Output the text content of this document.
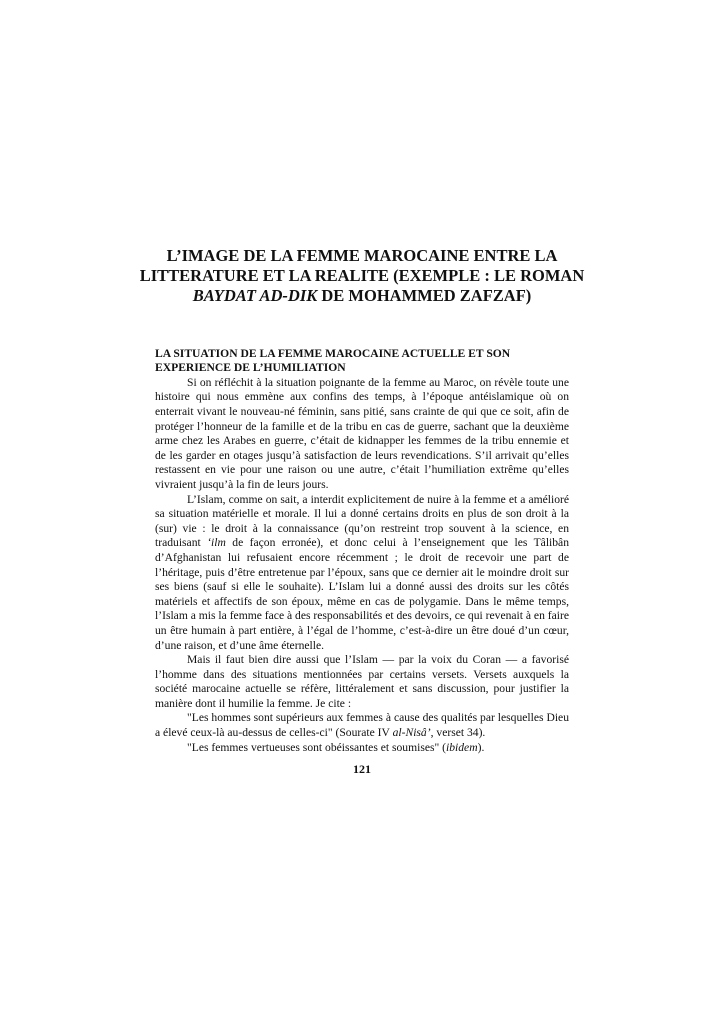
L’IMAGE DE LA FEMME MAROCAINE ENTRE LA
LITTERATURE ET LA REALITE (EXEMPLE : LE ROMAN
BAYDAT AD-DIK DE MOHAMMED ZAFZAF)

LA SITUATION DE LA FEMME MAROCAINE ACTUELLE ET SON
EXPERIENCE DE L’HUMILIATION

Si on réfléchit à la situation poignante de la femme au Maroc, on révèle toute une histoire qui nous emmène aux confins des temps, à l’époque antéislamique où on enterrait vivant le nouveau-né féminin, sans pitié, sans crainte de qui que ce soit, afin de protéger l’honneur de la famille et de la tribu en cas de guerre, sachant que la deuxième arme chez les Arabes en guerre, c’était de kidnapper les femmes de la tribu ennemie et de les garder en otages jusqu’à satisfaction de leurs revendications. S’il arrivait qu’elles restassent en vie pour une raison ou une autre, c’était l’humiliation extrême qu’elles vivraient jusqu’à la fin de leurs jours.

L’Islam, comme on sait, a interdit explicitement de nuire à la femme et a amélioré sa situation matérielle et morale. Il lui a donné certains droits en plus de son droit à la (sur) vie : le droit à la connaissance (qu’on restreint trop souvent à la science, en traduisant ‘ilm de façon erronée), et donc celui à l’enseignement que les Tâlibân d’Afghanistan lui refusaient encore récemment ; le droit de recevoir une part de l’héritage, puis d’être entretenue par l’époux, sans que ce dernier ait le moindre droit sur ses biens (sauf si elle le souhaite). L’Islam lui a donné aussi des droits sur les côtés matériels et affectifs de son époux, même en cas de polygamie. Dans le même temps, l’Islam a mis la femme face à des responsabilités et des devoirs, ce qui revenait à en faire un être humain à part entière, à l’égal de l’homme, c’est-à-dire un être doué d’un cœur, d’une raison, et d’une âme éternelle.

Mais il faut bien dire aussi que l’Islam — par la voix du Coran — a favorisé l’homme dans des situations mentionnées par certains versets. Versets auxquels la société marocaine actuelle se réfère, littéralement et sans discussion, pour justifier la manière dont il humilie la femme. Je cite :

"Les hommes sont supérieurs aux femmes à cause des qualités par lesquelles Dieu a élevé ceux-là au-dessus de celles-ci" (Sourate IV al-Nisâ’, verset 34).

"Les femmes vertueuses sont obéissantes et soumises" (ibidem).

121
